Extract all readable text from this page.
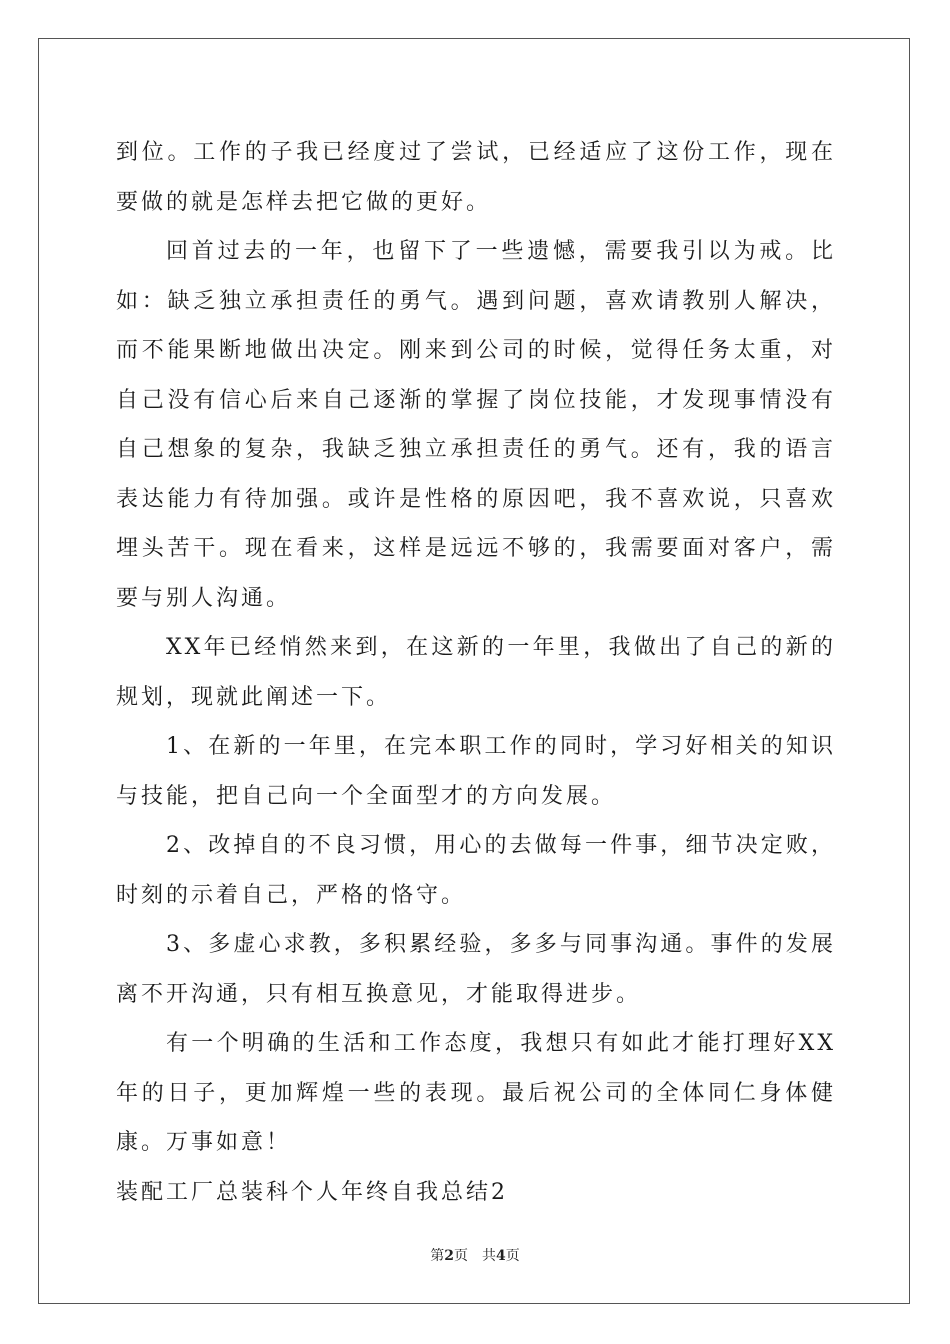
到位。工作的子我已经度过了尝试，已经适应了这份工作，现在要做的就是怎样去把它做的更好。

回首过去的一年，也留下了一些遗憾，需要我引以为戒。比如：缺乏独立承担责任的勇气。遇到问题，喜欢请教别人解决，而不能果断地做出决定。刚来到公司的时候，觉得任务太重，对自己没有信心后来自己逐渐的掌握了岗位技能，才发现事情没有自己想象的复杂，我缺乏独立承担责任的勇气。还有，我的语言表达能力有待加强。或许是性格的原因吧，我不喜欢说，只喜欢埋头苦干。现在看来，这样是远远不够的，我需要面对客户，需要与别人沟通。

XX年已经悄然来到，在这新的一年里，我做出了自己的新的规划，现就此阐述一下。

1、在新的一年里，在完本职工作的同时，学习好相关的知识与技能，把自己向一个全面型才的方向发展。

2、改掉自的不良习惯，用心的去做每一件事，细节决定败，时刻的示着自己，严格的恪守。

3、多虚心求教，多积累经验，多多与同事沟通。事件的发展离不开沟通，只有相互换意见，才能取得进步。

有一个明确的生活和工作态度，我想只有如此才能打理好XX年的日子，更加辉煌一些的表现。最后祝公司的全体同仁身体健康。万事如意！

装配工厂总装科个人年终自我总结2

第2页 共4页
